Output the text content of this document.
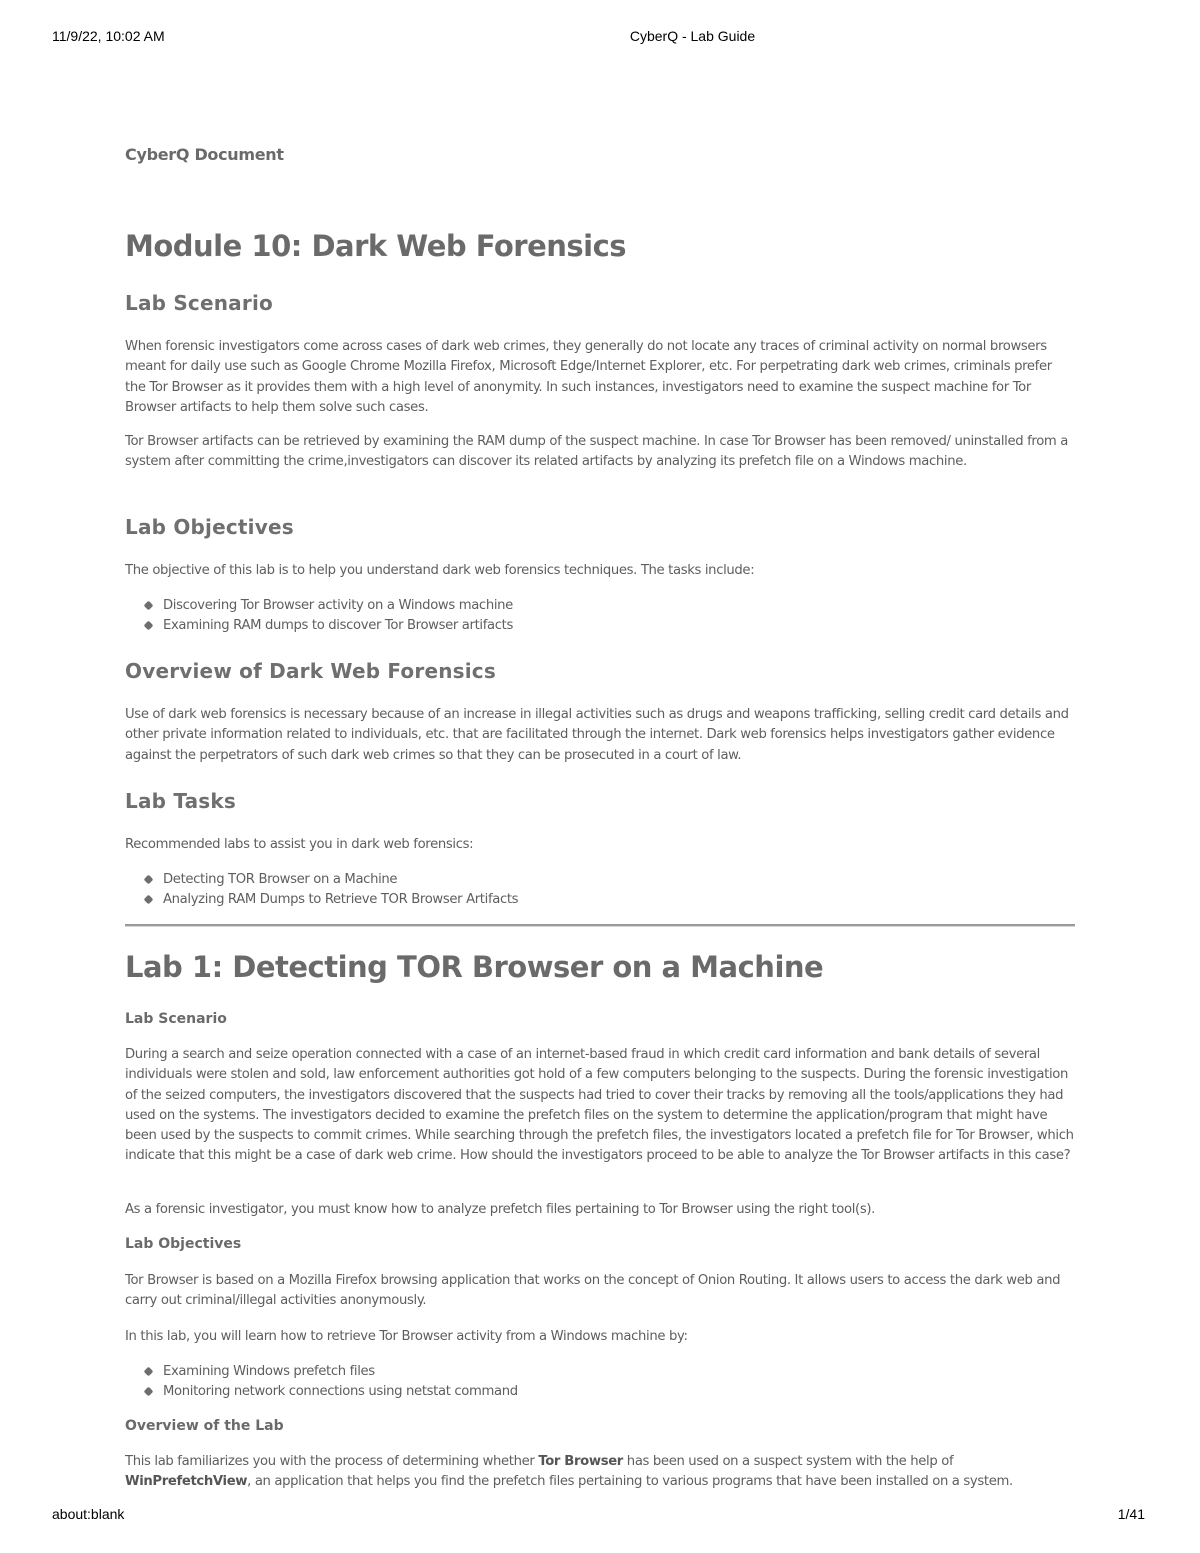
11/9/22, 10:02 AM	CyberQ - Lab Guide
CyberQ Document
Module 10: Dark Web Forensics
Lab Scenario
When forensic investigators come across cases of dark web crimes, they generally do not locate any traces of criminal activity on normal browsers meant for daily use such as Google Chrome Mozilla Firefox, Microsoft Edge/Internet Explorer, etc. For perpetrating dark web crimes, criminals prefer the Tor Browser as it provides them with a high level of anonymity. In such instances, investigators need to examine the suspect machine for Tor Browser artifacts to help them solve such cases.
Tor Browser artifacts can be retrieved by examining the RAM dump of the suspect machine. In case Tor Browser has been removed/ uninstalled from a system after committing the crime,investigators can discover its related artifacts by analyzing its prefetch file on a Windows machine.
Lab Objectives
The objective of this lab is to help you understand dark web forensics techniques. The tasks include:
Discovering Tor Browser activity on a Windows machine
Examining RAM dumps to discover Tor Browser artifacts
Overview of Dark Web Forensics
Use of dark web forensics is necessary because of an increase in illegal activities such as drugs and weapons trafficking, selling credit card details and other private information related to individuals, etc. that are facilitated through the internet. Dark web forensics helps investigators gather evidence against the perpetrators of such dark web crimes so that they can be prosecuted in a court of law.
Lab Tasks
Recommended labs to assist you in dark web forensics:
Detecting TOR Browser on a Machine
Analyzing RAM Dumps to Retrieve TOR Browser Artifacts
Lab 1: Detecting TOR Browser on a Machine
Lab Scenario
During a search and seize operation connected with a case of an internet-based fraud in which credit card information and bank details of several individuals were stolen and sold, law enforcement authorities got hold of a few computers belonging to the suspects. During the forensic investigation of the seized computers, the investigators discovered that the suspects had tried to cover their tracks by removing all the tools/applications they had used on the systems. The investigators decided to examine the prefetch files on the system to determine the application/program that might have been used by the suspects to commit crimes. While searching through the prefetch files, the investigators located a prefetch file for Tor Browser, which indicate that this might be a case of dark web crime. How should the investigators proceed to be able to analyze the Tor Browser artifacts in this case?
As a forensic investigator, you must know how to analyze prefetch files pertaining to Tor Browser using the right tool(s).
Lab Objectives
Tor Browser is based on a Mozilla Firefox browsing application that works on the concept of Onion Routing. It allows users to access the dark web and carry out criminal/illegal activities anonymously.
In this lab, you will learn how to retrieve Tor Browser activity from a Windows machine by:
Examining Windows prefetch files
Monitoring network connections using netstat command
Overview of the Lab
This lab familiarizes you with the process of determining whether Tor Browser has been used on a suspect system with the help of WinPrefetchView, an application that helps you find the prefetch files pertaining to various programs that have been installed on a system.
about:blank	1/41
